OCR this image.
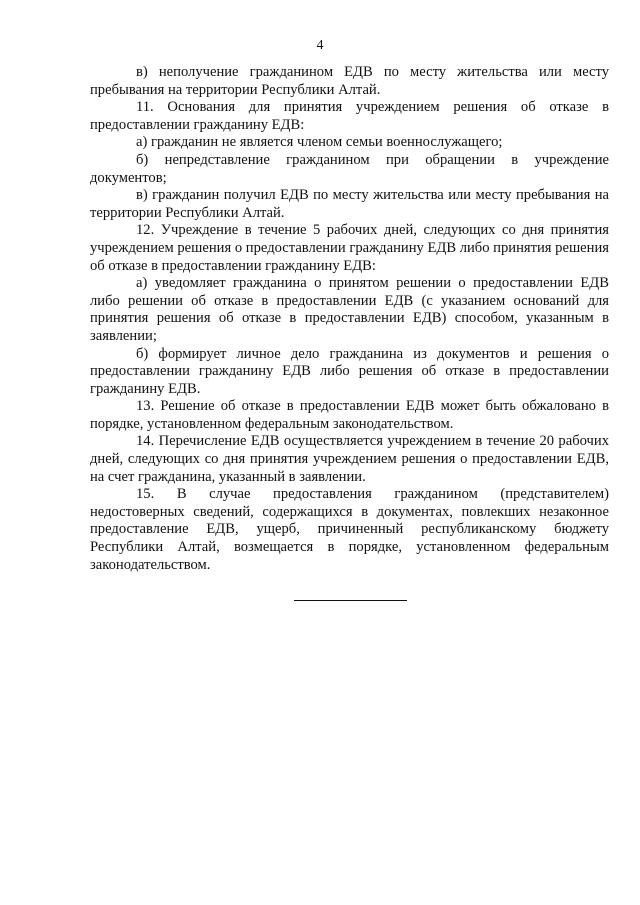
4

в) неполучение гражданином ЕДВ по месту жительства или месту пребывания на территории Республики Алтай.

11. Основания для принятия учреждением решения об отказе в предоставлении гражданину ЕДВ:

а) гражданин не является членом семьи военнослужащего;

б) непредставление гражданином при обращении в учреждение документов;

в) гражданин получил ЕДВ по месту жительства или месту пребывания на территории Республики Алтай.

12. Учреждение в течение 5 рабочих дней, следующих со дня принятия учреждением решения о предоставлении гражданину ЕДВ либо принятия решения об отказе в предоставлении гражданину ЕДВ:

а) уведомляет гражданина о принятом решении о предоставлении ЕДВ либо решении об отказе в предоставлении ЕДВ (с указанием оснований для принятия решения об отказе в предоставлении ЕДВ) способом, указанным в заявлении;

б) формирует личное дело гражданина из документов и решения о предоставлении гражданину ЕДВ либо решения об отказе в предоставлении гражданину ЕДВ.

13. Решение об отказе в предоставлении ЕДВ может быть обжаловано в порядке, установленном федеральным законодательством.

14. Перечисление ЕДВ осуществляется учреждением в течение 20 рабочих дней, следующих со дня принятия учреждением решения о предоставлении ЕДВ, на счет гражданина, указанный в заявлении.

15. В случае предоставления гражданином (представителем) недостоверных сведений, содержащихся в документах, повлекших незаконное предоставление ЕДВ, ущерб, причиненный республиканскому бюджету Республики Алтай, возмещается в порядке, установленном федеральным законодательством.
